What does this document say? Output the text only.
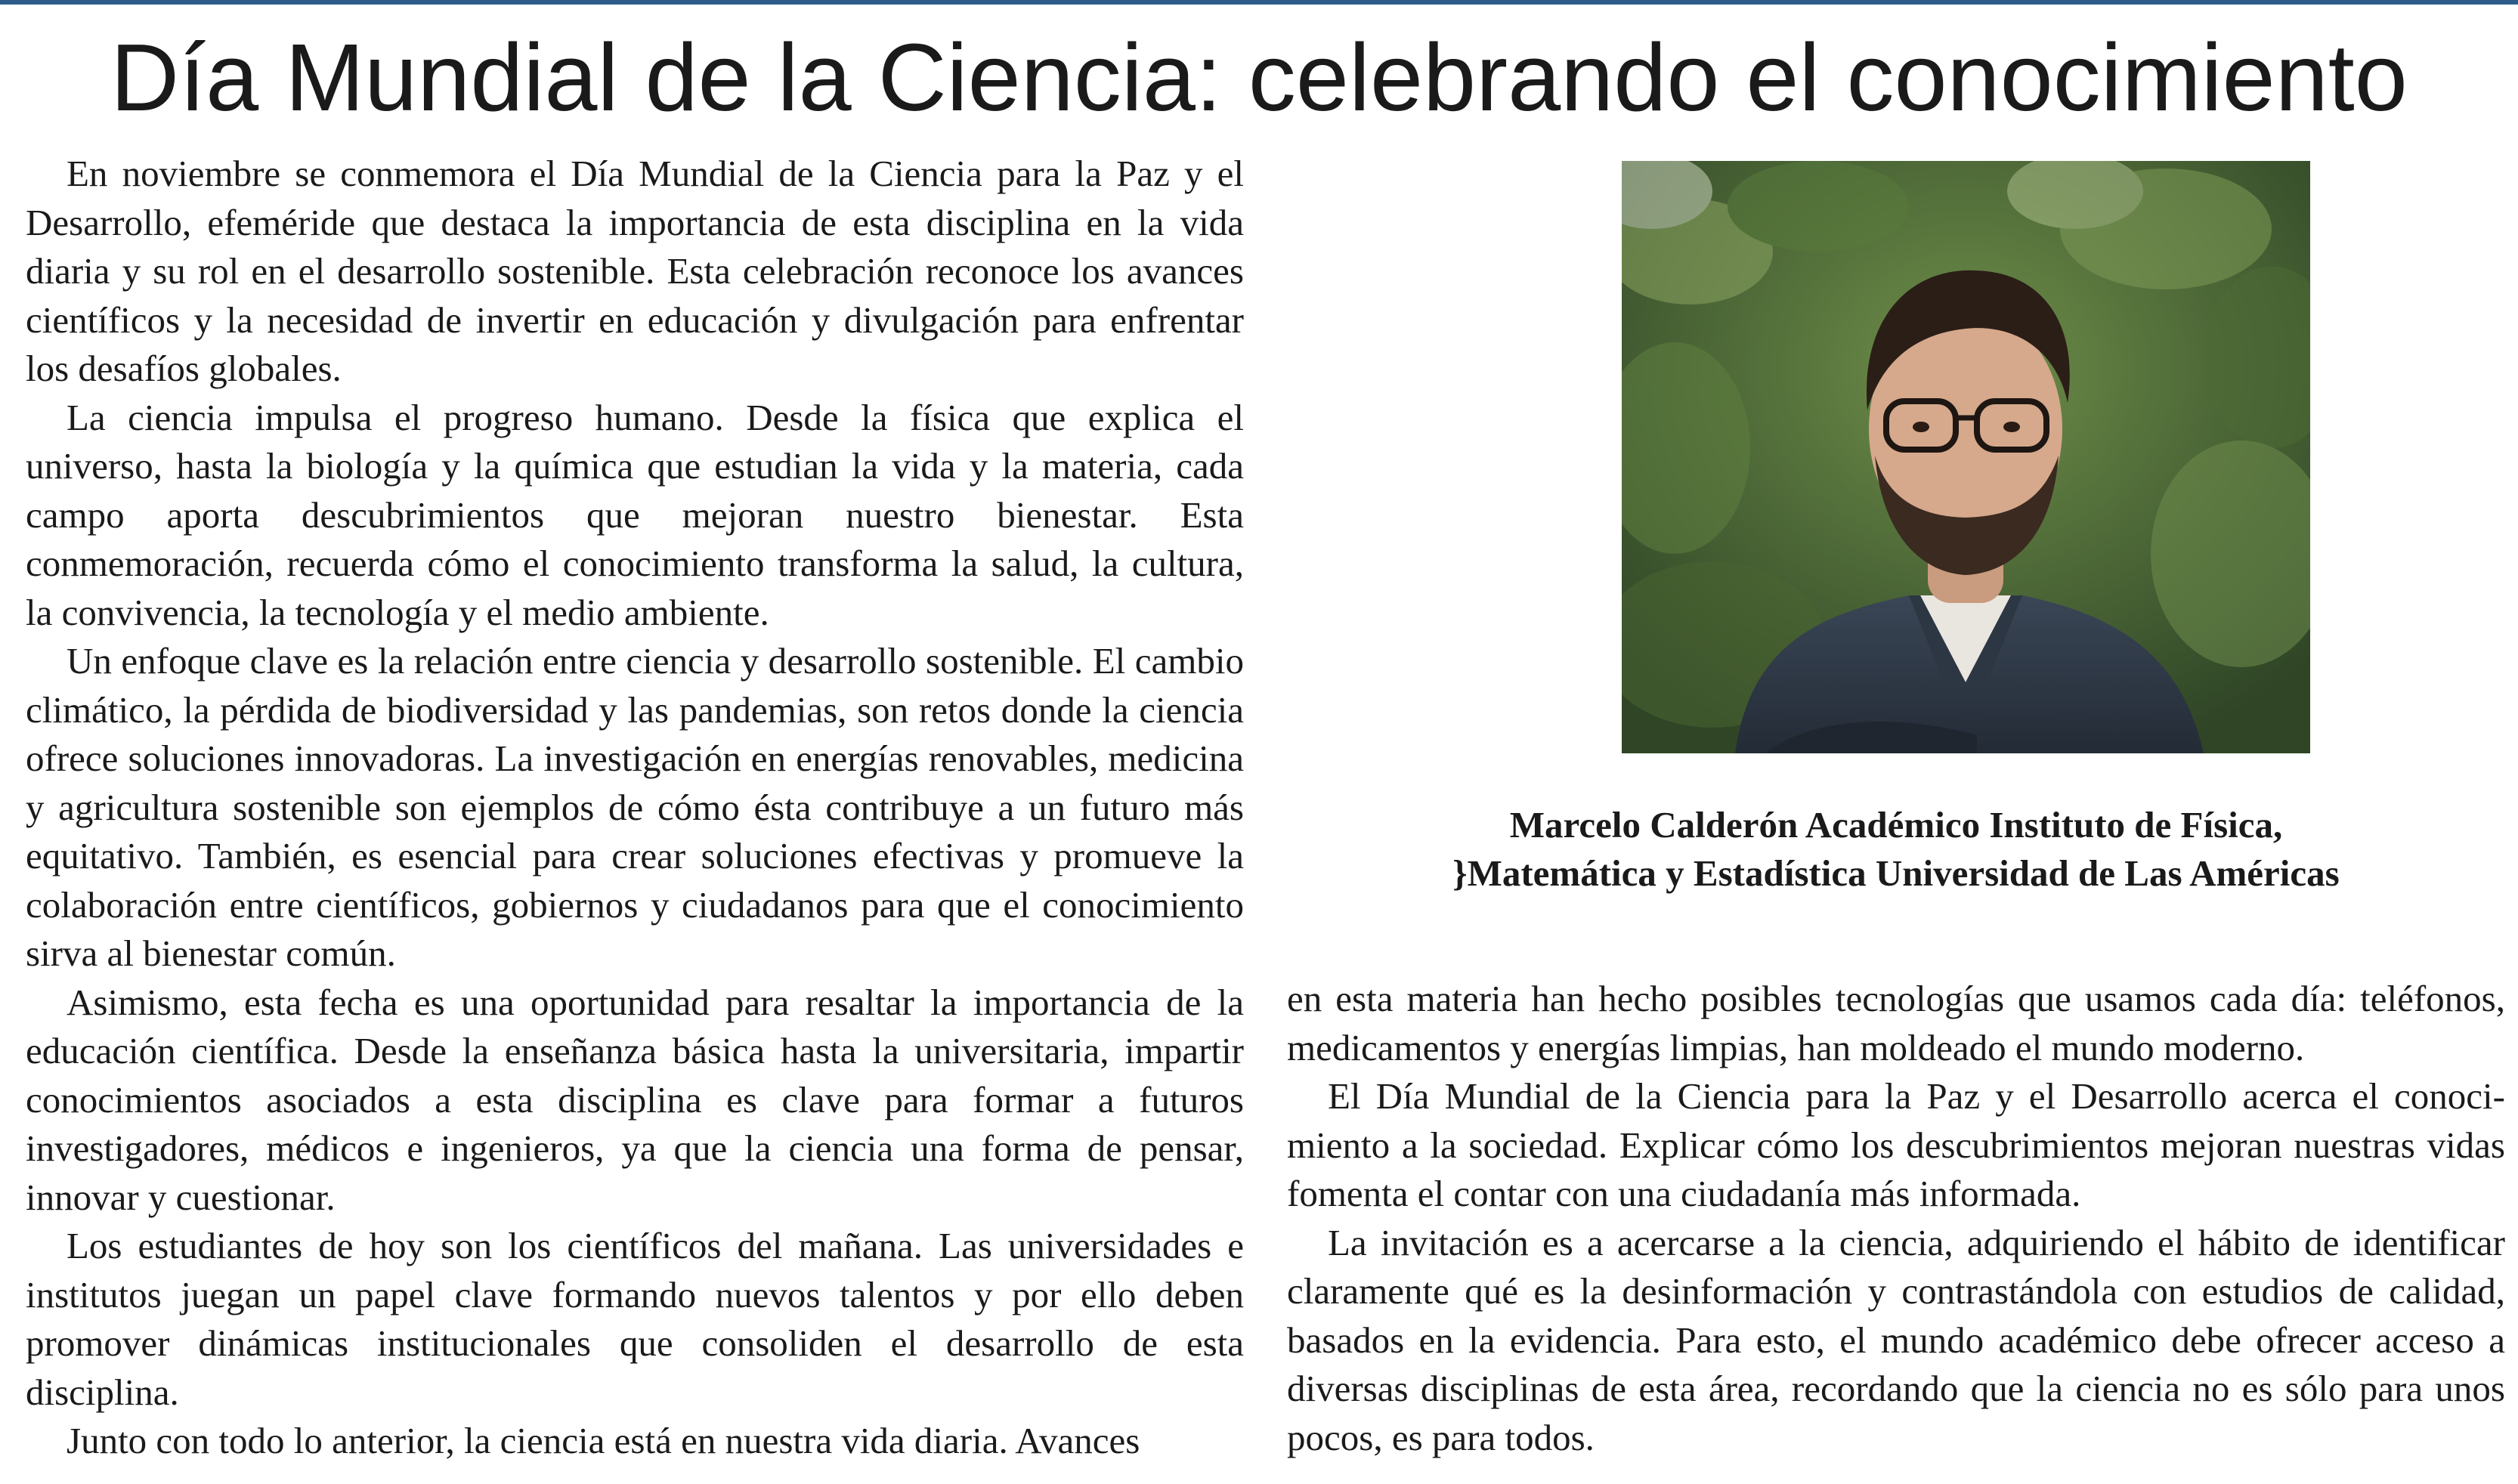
Día Mundial de la Ciencia: celebrando el conocimiento

En noviembre se conmemora el Día Mundial de la Ciencia para la Paz y el Desarrollo, efeméride que destaca la importancia de esta disciplina en la vida diaria y su rol en el desarrollo sostenible. Esta celebración reconoce los avances científicos y la necesidad de invertir en educación y divulgación para enfrentar los desafíos globales.

La ciencia impulsa el progreso humano. Desde la física que explica el universo, hasta la biología y la química que estudian la vida y la materia, cada campo aporta descubrimientos que mejoran nuestro bienestar. Esta conmemoración, recuerda cómo el conocimiento transforma la salud, la cultura, la convivencia, la tecnología y el medio ambiente.

Un enfoque clave es la relación entre ciencia y desarrollo sostenible. El cambio climático, la pérdida de biodiversidad y las pandemias, son retos donde la ciencia ofrece soluciones innovadoras. La investigación en energías renovables, medicina y agricultura sostenible son ejemplos de cómo ésta contribuye a un futuro más equitativo. También, es esencial para crear soluciones efectivas y promueve la colaboración entre científicos, gobiernos y ciudadanos para que el conocimiento sirva al bienestar común.

Asimismo, esta fecha es una oportunidad para resaltar la importancia de la educación científica. Desde la enseñanza básica hasta la universitaria, impartir conocimientos asociados a esta disciplina es clave para formar a futuros investigadores, médicos e ingenieros, ya que la ciencia una forma de pensar, innovar y cuestionar.

Los estudiantes de hoy son los científicos del mañana. Las universidades e institutos juegan un papel clave formando nuevos talentos y por ello deben promover dinámicas institucionales que consoliden el desarrollo de esta disciplina.

Junto con todo lo anterior, la ciencia está en nuestra vida diaria. Avances

Marcelo Calderón Académico Instituto de Física,
}Matemática y Estadística Universidad de Las Américas

en esta materia han hecho posibles tecnologías que usamos cada día: teléfonos, medicamentos y energías limpias, han moldeado el mundo moderno.

El Día Mundial de la Ciencia para la Paz y el Desarrollo acerca el conocimiento a la sociedad. Explicar cómo los descubrimientos mejoran nuestras vidas fomenta el contar con una ciudadanía más informada.

La invitación es a acercarse a la ciencia, adquiriendo el hábito de identificar claramente qué es la desinformación y contrastándola con estudios de calidad, basados en la evidencia. Para esto, el mundo académico debe ofrecer acceso a diversas disciplinas de esta área, recordando que la ciencia no es sólo para unos pocos, es para todos.
